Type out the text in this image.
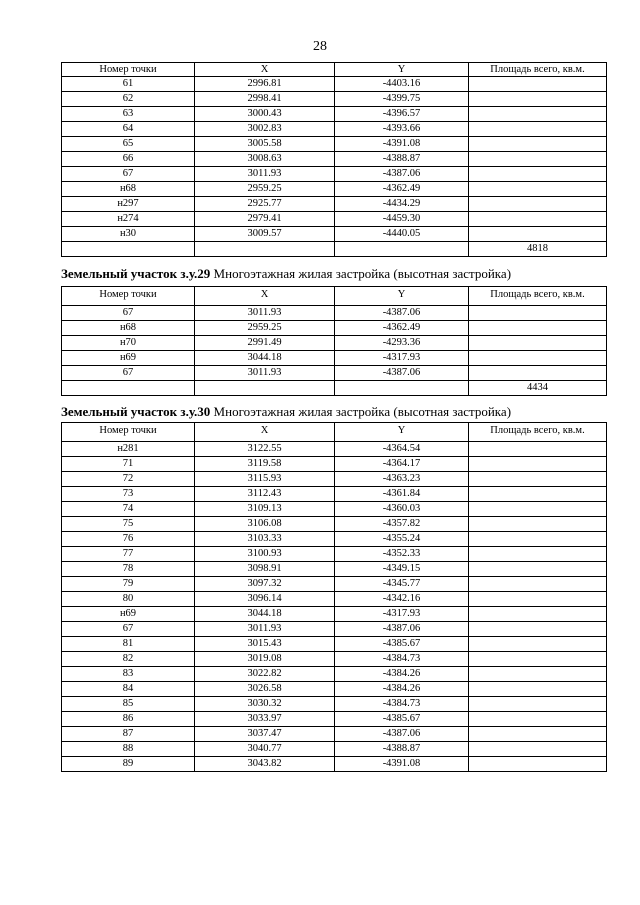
28
Номер точки	X	Y	Площадь всего, кв.м.
61	2996.81	-4403.16	
62	2998.41	-4399.75	
63	3000.43	-4396.57	
64	3002.83	-4393.66	
65	3005.58	-4391.08	
66	3008.63	-4388.87	
67	3011.93	-4387.06	
н68	2959.25	-4362.49	
н297	2925.77	-4434.29	
н274	2979.41	-4459.30	
н30	3009.57	-4440.05	
			4818
Земельный участок з.у.29 Многоэтажная жилая застройка (высотная застройка)
Номер точки	X	Y	Площадь всего, кв.м.
67	3011.93	-4387.06	
н68	2959.25	-4362.49	
н70	2991.49	-4293.36	
н69	3044.18	-4317.93	
67	3011.93	-4387.06	
			4434
Земельный участок з.у.30 Многоэтажная жилая застройка (высотная застройка)
Номер точки	X	Y	Площадь всего, кв.м.
н281	3122.55	-4364.54	
71	3119.58	-4364.17	
72	3115.93	-4363.23	
73	3112.43	-4361.84	
74	3109.13	-4360.03	
75	3106.08	-4357.82	
76	3103.33	-4355.24	
77	3100.93	-4352.33	
78	3098.91	-4349.15	
79	3097.32	-4345.77	
80	3096.14	-4342.16	
н69	3044.18	-4317.93	
67	3011.93	-4387.06	
81	3015.43	-4385.67	
82	3019.08	-4384.73	
83	3022.82	-4384.26	
84	3026.58	-4384.26	
85	3030.32	-4384.73	
86	3033.97	-4385.67	
87	3037.47	-4387.06	
88	3040.77	-4388.87	
89	3043.82	-4391.08	
